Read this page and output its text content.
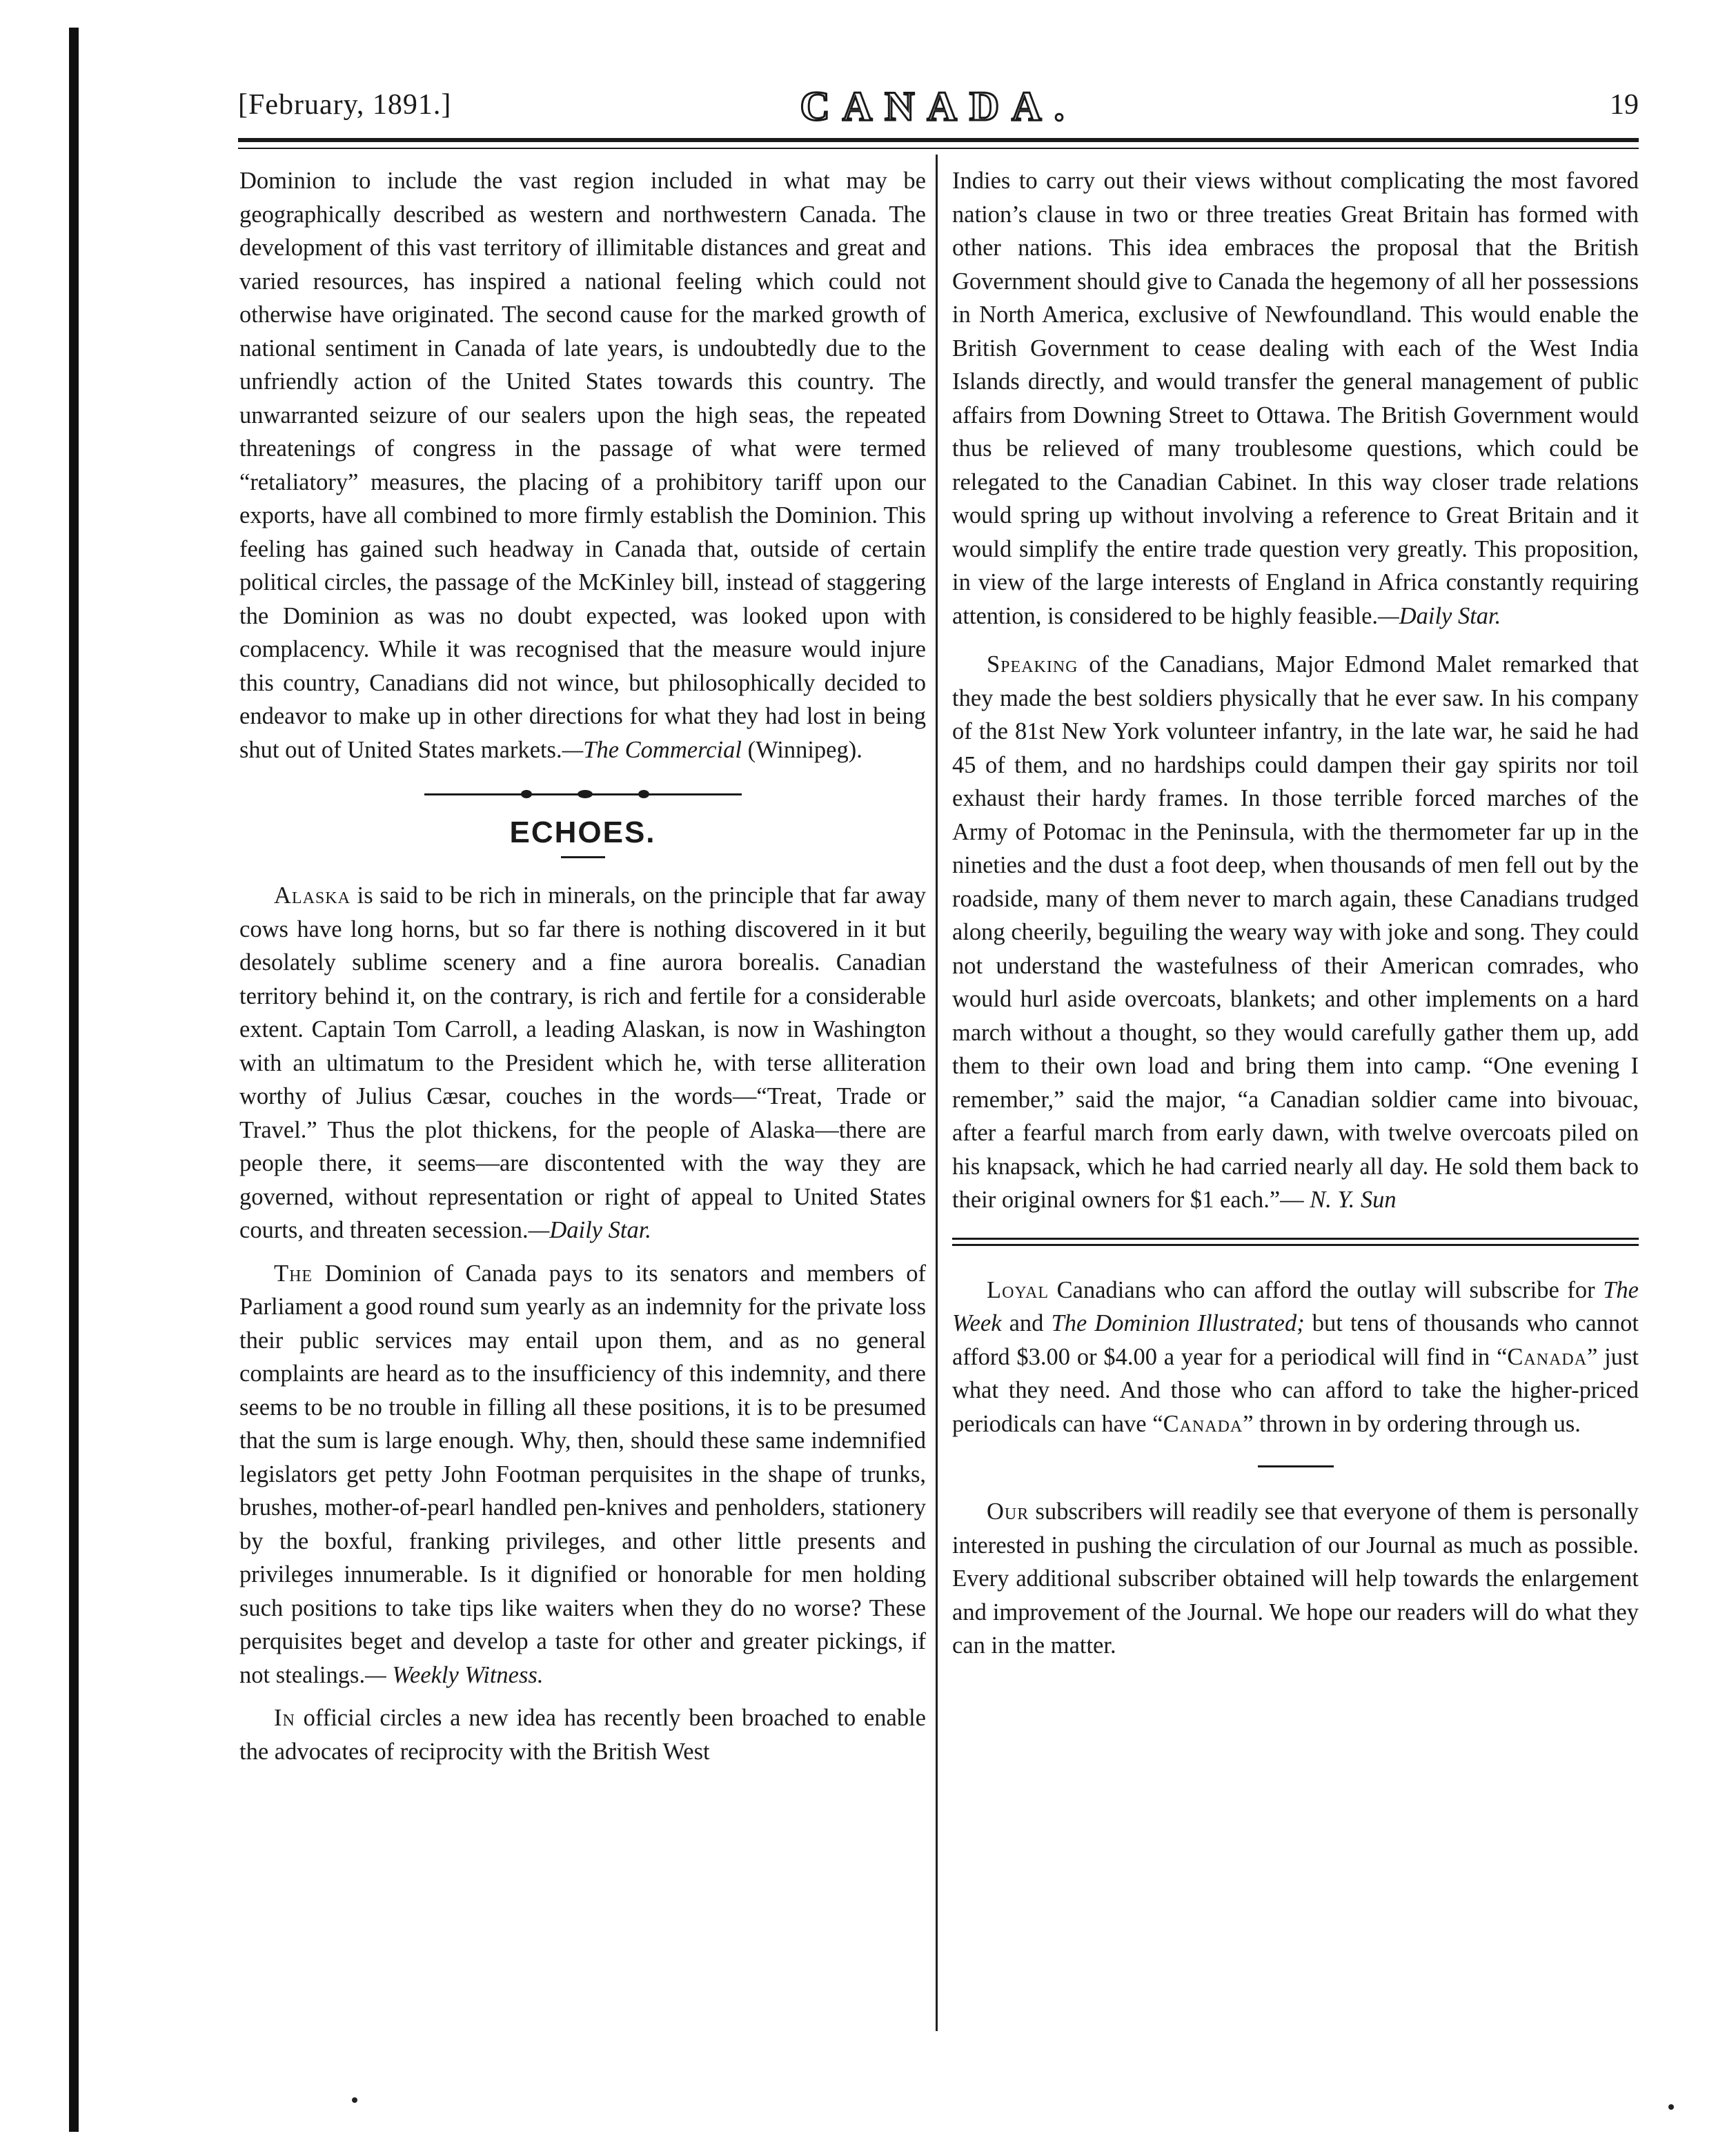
[February, 1891.]	CANADA.	19

Dominion to include the vast region included in what may be geographically described as western and northwestern Canada. The development of this vast territory of illimitable distances and great and varied resources, has inspired a national feeling which could not otherwise have originated. The second cause for the marked growth of national sentiment in Canada of late years, is undoubtedly due to the unfriendly action of the United States towards this country. The unwarranted seizure of our sealers upon the high seas, the repeated threatenings of congress in the passage of what were termed “retaliatory” measures, the placing of a prohibitory tariff upon our exports, have all combined to more firmly establish the Dominion. This feeling has gained such headway in Canada that, outside of certain political circles, the passage of the McKinley bill, instead of staggering the Dominion as was no doubt expected, was looked upon with complacency. While it was recognised that the measure would injure this country, Canadians did not wince, but philosophically decided to endeavor to make up in other directions for what they had lost in being shut out of United States markets.—The Commercial (Winnipeg).

ECHOES.

Alaska is said to be rich in minerals, on the principle that far away cows have long horns, but so far there is nothing discovered in it but desolately sublime scenery and a fine aurora borealis. Canadian territory behind it, on the contrary, is rich and fertile for a considerable extent. Captain Tom Carroll, a leading Alaskan, is now in Washington with an ultimatum to the President which he, with terse alliteration worthy of Julius Cæsar, couches in the words—“Treat, Trade or Travel.” Thus the plot thickens, for the people of Alaska—there are people there, it seems—are discontented with the way they are governed, without representation or right of appeal to United States courts, and threaten secession.—Daily Star.

The Dominion of Canada pays to its senators and members of Parliament a good round sum yearly as an indemnity for the private loss their public services may entail upon them, and as no general complaints are heard as to the insufficiency of this indemnity, and there seems to be no trouble in filling all these positions, it is to be presumed that the sum is large enough. Why, then, should these same indemnified legislators get petty John Footman perquisites in the shape of trunks, brushes, mother-of-pearl handled pen-knives and penholders, stationery by the boxful, franking privileges, and other little presents and privileges innumerable. Is it dignified or honorable for men holding such positions to take tips like waiters when they do no worse? These perquisites beget and develop a taste for other and greater pickings, if not stealings.— Weekly Witness.

In official circles a new idea has recently been broached to enable the advocates of reciprocity with the British West

Indies to carry out their views without complicating the most favored nation’s clause in two or three treaties Great Britain has formed with other nations. This idea embraces the proposal that the British Government should give to Canada the hegemony of all her possessions in North America, exclusive of Newfoundland. This would enable the British Government to cease dealing with each of the West India Islands directly, and would transfer the general management of public affairs from Downing Street to Ottawa. The British Government would thus be relieved of many troublesome questions, which could be relegated to the Canadian Cabinet. In this way closer trade relations would spring up without involving a reference to Great Britain and it would simplify the entire trade question very greatly. This proposition, in view of the large interests of England in Africa constantly requiring attention, is considered to be highly feasible.—Daily Star.

Speaking of the Canadians, Major Edmond Malet remarked that they made the best soldiers physically that he ever saw. In his company of the 81st New York volunteer infantry, in the late war, he said he had 45 of them, and no hardships could dampen their gay spirits nor toil exhaust their hardy frames. In those terrible forced marches of the Army of Potomac in the Peninsula, with the thermometer far up in the nineties and the dust a foot deep, when thousands of men fell out by the roadside, many of them never to march again, these Canadians trudged along cheerily, beguiling the weary way with joke and song. They could not understand the wastefulness of their American comrades, who would hurl aside overcoats, blankets; and other implements on a hard march without a thought, so they would carefully gather them up, add them to their own load and bring them into camp. “One evening I remember,” said the major, “a Canadian soldier came into bivouac, after a fearful march from early dawn, with twelve overcoats piled on his knapsack, which he had carried nearly all day. He sold them back to their original owners for $1 each.”— N. Y. Sun

Loyal Canadians who can afford the outlay will subscribe for The Week and The Dominion Illustrated; but tens of thousands who cannot afford $3.00 or $4.00 a year for a periodical will find in “Canada” just what they need. And those who can afford to take the higher-priced periodicals can have “Canada” thrown in by ordering through us.

Our subscribers will readily see that everyone of them is personally interested in pushing the circulation of our Journal as much as possible. Every additional subscriber obtained will help towards the enlargement and improvement of the Journal. We hope our readers will do what they can in the matter.
